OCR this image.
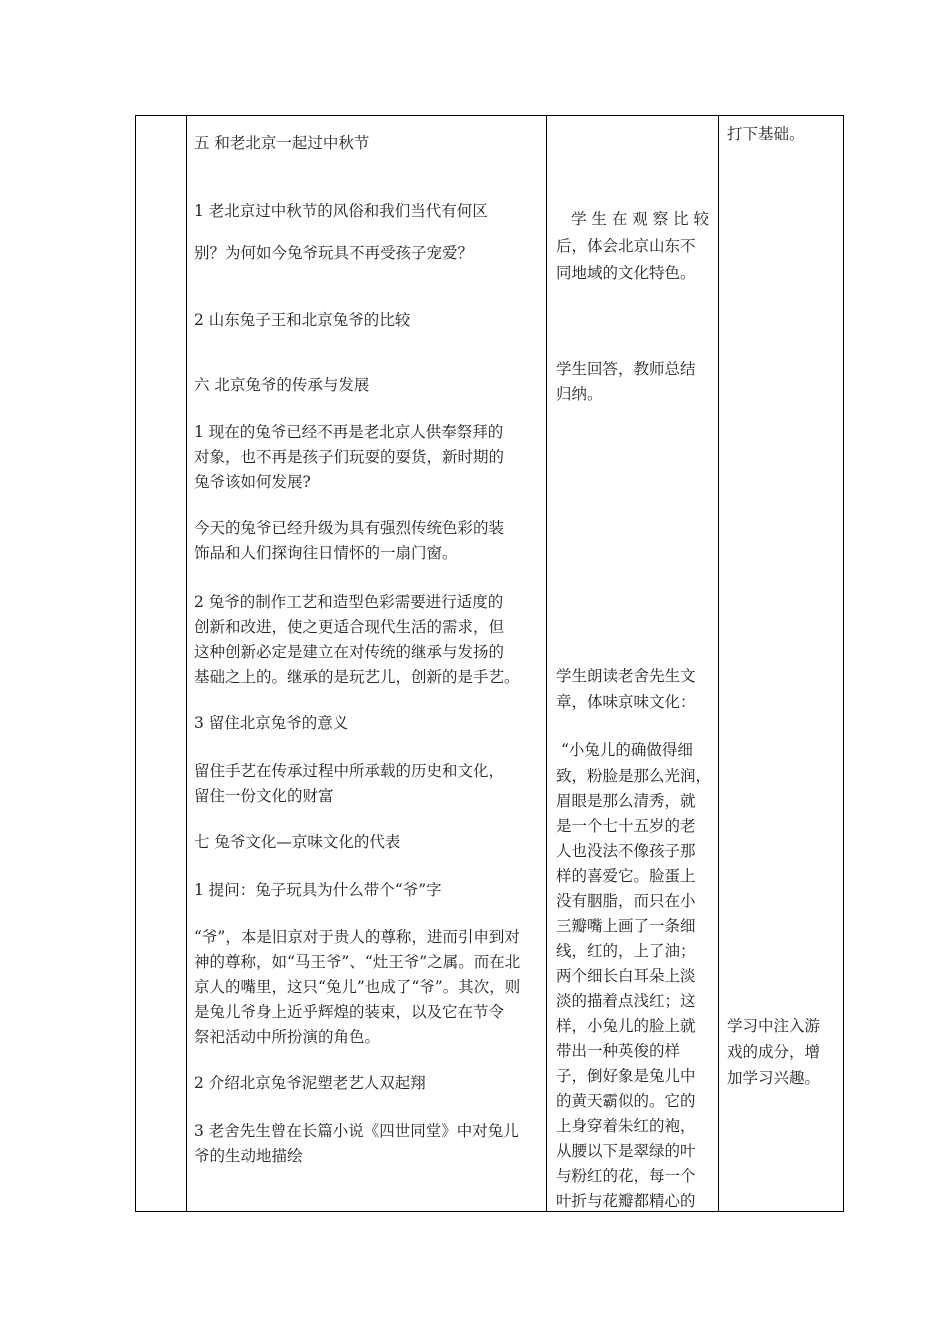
五 和老北京一起过中秋节
1 老北京过中秋节的风俗和我们当代有何区
别？为何如今兔爷玩具不再受孩子宠爱？
2 山东兔子王和北京兔爷的比较
六 北京兔爷的传承与发展
1 现在的兔爷已经不再是老北京人供奉祭拜的
对象，也不再是孩子们玩耍的耍货，新时期的
兔爷该如何发展?
今天的兔爷已经升级为具有强烈传统色彩的装
饰品和人们探询往日情怀的一扇门窗。
2 兔爷的制作工艺和造型色彩需要进行适度的
创新和改进，使之更适合现代生活的需求，但
这种创新必定是建立在对传统的继承与发扬的
基础之上的。继承的是玩艺儿，创新的是手艺。
3 留住北京兔爷的意义
留住手艺在传承过程中所承载的历史和文化，
留住一份文化的财富
七 兔爷文化—京味文化的代表
1 提问：兔子玩具为什么带个“爷”字
“爷”，本是旧京对于贵人的尊称，进而引申到对
神的尊称，如“马王爷”、“灶王爷”之属。而在北
京人的嘴里，这只“兔儿”也成了“爷”。其次，则
是兔儿爷身上近乎辉煌的装束，以及它在节令
祭祀活动中所扮演的角色。
2 介绍北京兔爷泥塑老艺人双起翔
3 老舍先生曾在长篇小说《四世同堂》中对兔儿
爷的生动地描绘
学 生 在 观 察 比 较
后，体会北京山东不
同地域的文化特色。
学生回答，教师总结
归纳。
学生朗读老舍先生文
章，体味京味文化：
“小兔儿的确做得细
致，粉脸是那么光润，
眉眼是那么清秀，就
是一个七十五岁的老
人也没法不像孩子那
样的喜爱它。脸蛋上
没有胭脂，而只在小
三瓣嘴上画了一条细
线，红的，上了油；
两个细长白耳朵上淡
淡的描着点浅红；这
样，小兔儿的脸上就
带出一种英俊的样
子，倒好象是兔儿中
的黄天霸似的。它的
上身穿着朱红的袍，
从腰以下是翠绿的叶
与粉红的花，每一个
叶折与花瓣都精心的
打下基础。
学习中注入游
戏的成分，增
加学习兴趣。
